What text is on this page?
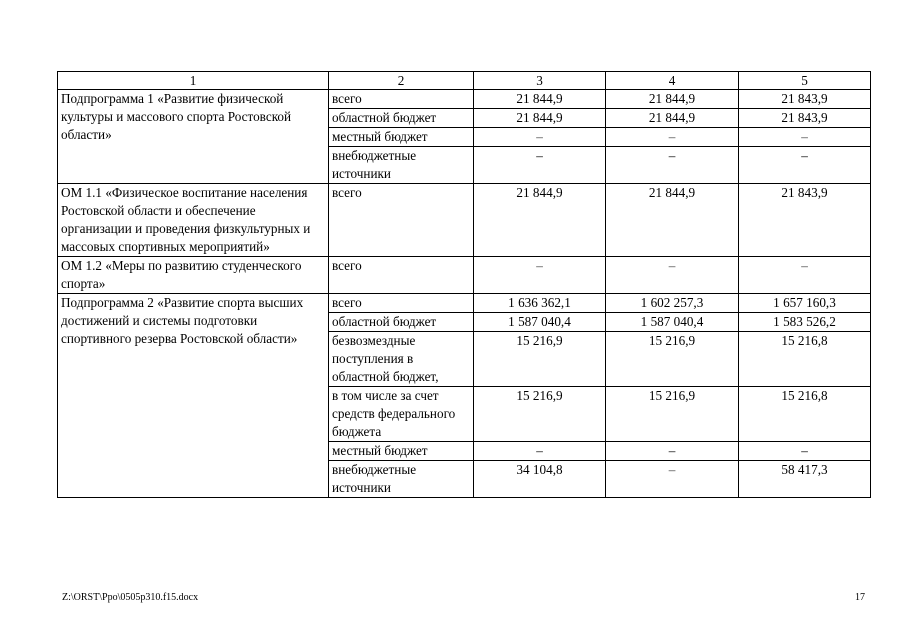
1	2	3	4	5
Подпрограмма 1 «Развитие физической культуры и массового спорта Ростовской области»	всего	21 844,9	21 844,9	21 843,9
	областной бюджет	21 844,9	21 844,9	21 843,9
	местный бюджет	–	–	–
	внебюджетные источники	–	–	–
ОМ 1.1 «Физическое воспитание населения Ростовской области и обеспечение организации и проведения физкультурных и массовых спортивных мероприятий»	всего	21 844,9	21 844,9	21 843,9
ОМ 1.2 «Меры по развитию студенческого спорта»	всего	–	–	–
Подпрограмма 2 «Развитие спорта высших достижений и системы подготовки спортивного резерва Ростовской области»	всего	1 636 362,1	1 602 257,3	1 657 160,3
	областной бюджет	1 587 040,4	1 587 040,4	1 583 526,2
	безвозмездные поступления в областной бюджет,	15 216,9	15 216,9	15 216,8
	в том числе за счет средств федерального бюджета	15 216,9	15 216,9	15 216,8
	местный бюджет	–	–	–
	внебюджетные источники	34 104,8	–	58 417,3
Z:\ORST\Ppo\0505p310.f15.docx	17
